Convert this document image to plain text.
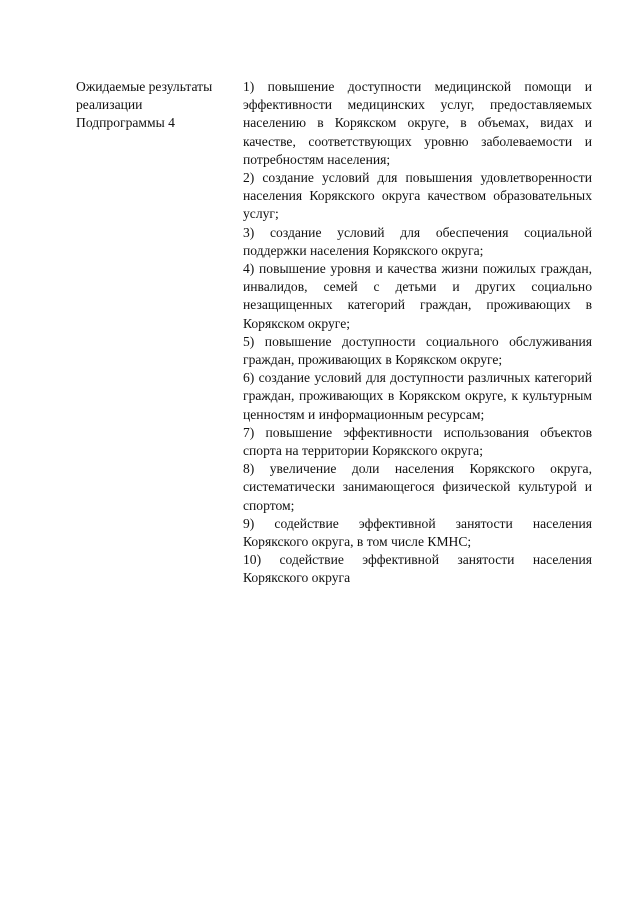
Ожидаемые результаты
реализации
Подпрограммы 4
1) повышение доступности медицинской помощи и эффективности медицинских услуг, предоставляемых населению в Корякском округе, в объемах, видах и качестве, соответствующих уровню заболеваемости и потребностям населения;
2) создание условий для повышения удовлетворенности населения Корякского округа качеством образовательных услуг;
3) создание условий для обеспечения социальной поддержки населения Корякского округа;
4) повышение уровня и качества жизни пожилых граждан, инвалидов, семей с детьми и других социально незащищенных категорий граждан, проживающих в Корякском округе;
5) повышение доступности социального обслуживания граждан, проживающих в Корякском округе;
6) создание условий для доступности различных категорий граждан, проживающих в Корякском округе, к культурным ценностям и информационным ресурсам;
7) повышение эффективности использования объектов спорта на территории Корякского округа;
8) увеличение доли населения Корякского округа, систематически занимающегося физической культурой и спортом;
9) содействие эффективной занятости населения Корякского округа, в том числе КМНС;
10) содействие эффективной занятости населения Корякского округа
